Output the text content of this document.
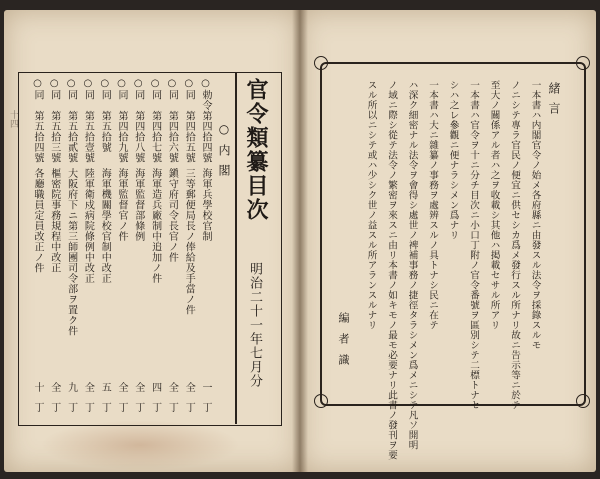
官令類纂目次
明治二十一年七月分
○内閣
○勅令第四拾四號
海軍兵學校官制
一
丁
○同　第四拾五號
三等郵便局長ノ俸給及手當ノ件
全
丁
○同　第四拾六號
鎭守府司令長官ノ件
全
丁
○同　第四拾七號
海軍造兵廠制中追加ノ件
四
丁
○同　第四拾八號
海軍監督部條例
全
丁
○同　第四拾九號
海軍監督官ノ件
全
丁
○同　第五拾號
海軍機關學校官制中改正
五
丁
○同　第五拾壹號
陸軍衛戍病院條例中改正
全
丁
○同　第五拾貳號
大阪府下ニ第三師團司令部ヲ置ク件
九
丁
○同　第五拾三號
樞密院事務規程中改正
全
丁
○同　第五拾四號
各廳職員定員改正ノ件
十
丁
十四	緒言
一本書ハ内閣官令ノ始メ各府縣ニ由發スル法令ヲ採錄スルモ
ノニシテ專ラ官民ノ便宜ニ供セシカ爲メ發行スル所ナリ故ニ告示等ニ於テ
至大ノ關係アル者ハ之ヲ收載シ其他ハ掲載セサル所アリ
一本書ハ官令ヲ十ニ分チ目次ニ小口丁附ノ官令番號ヲ區別シテ二標トナセ
シハ之レ參觀ニ便ナラシメン爲ナリ
一本書ハ大ニ雜纂ノ事務ヲ處辨スルノ具トナシ民ニ在テ
ハ深ク細密ナル法令ヲ會得シ處世ノ裨補事務ノ捷徑タラシメン爲メニシテ凡ソ開明
ノ域ニ際シ從テ法令ノ繁密ヲ來スニ由リ本書ノ如キモノ最モ必要ナリ此書ノ發刊ヲ要
スル所以ニシテ或ハ少シク世ノ益スル所アランスルナリ
編者識
